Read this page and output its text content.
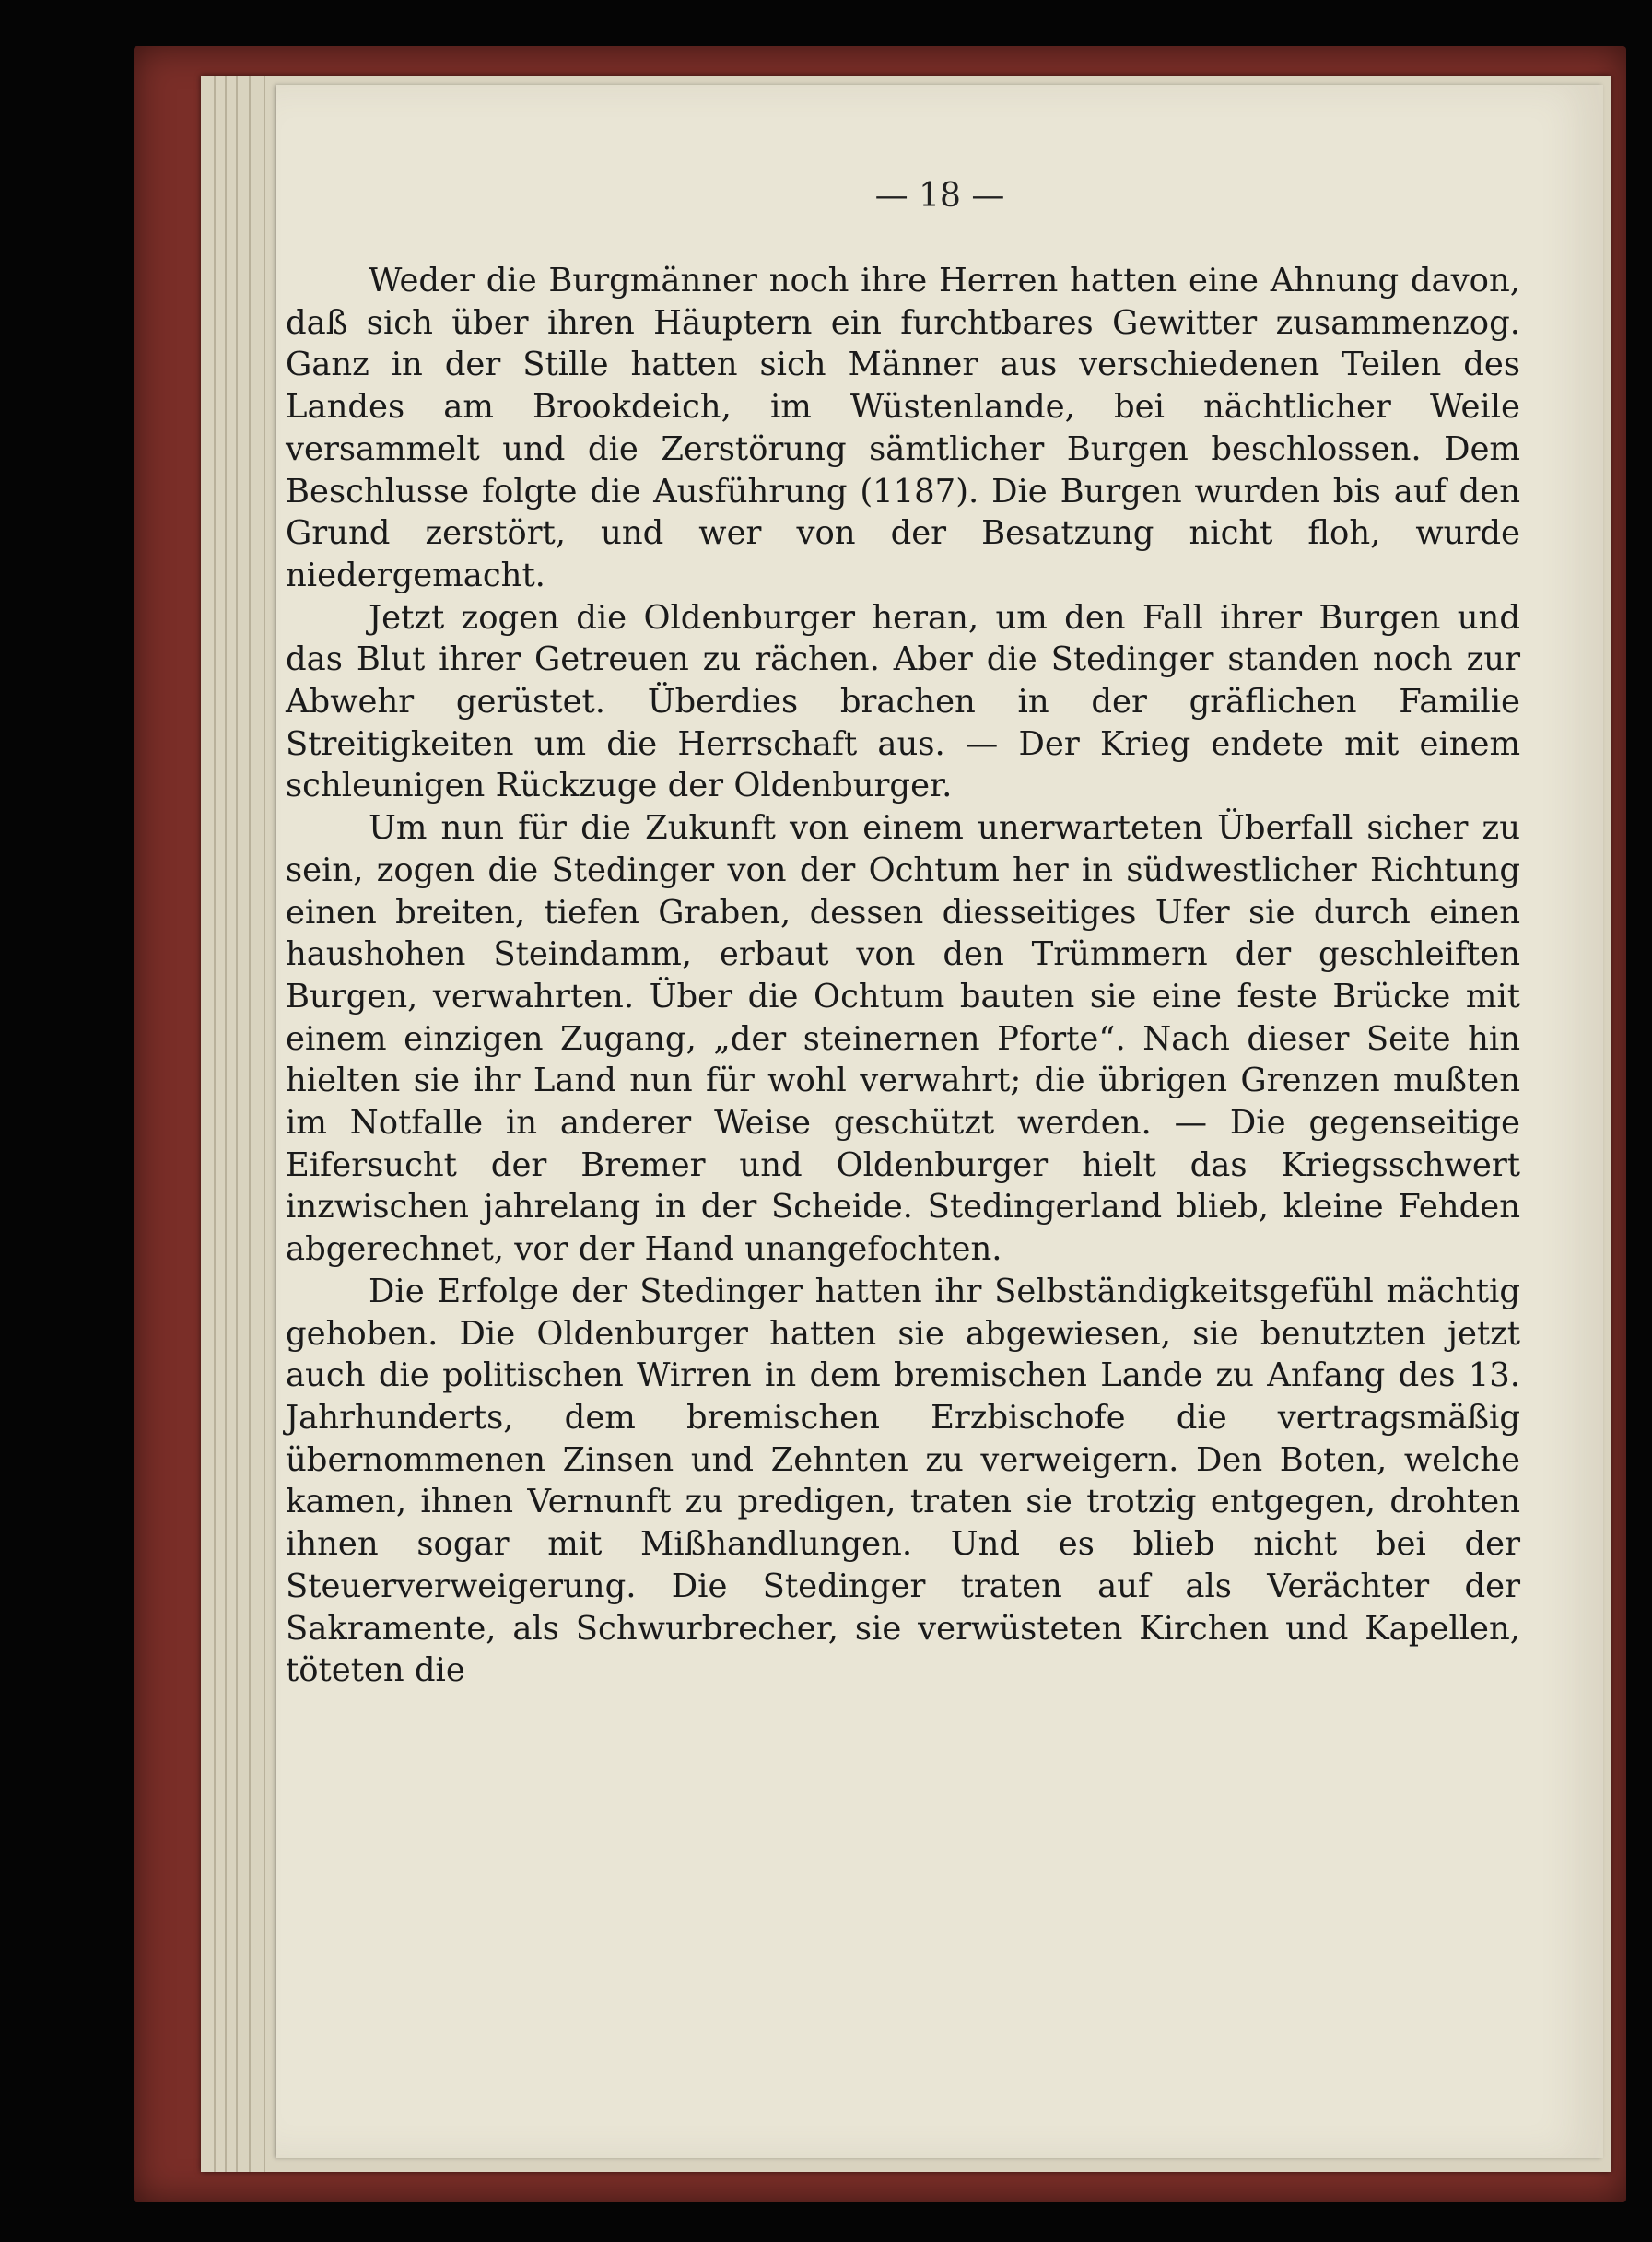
— 18 —

Weder die Burgmänner noch ihre Herren hatten eine Ahnung davon, daß sich über ihren Häuptern ein furchtbares Gewitter zusammenzog. Ganz in der Stille hatten sich Männer aus verschiedenen Teilen des Landes am Brookdeich, im Wüstenlande, bei nächtlicher Weile versammelt und die Zerstörung sämtlicher Burgen beschlossen. Dem Beschlusse folgte die Ausführung (1187). Die Burgen wurden bis auf den Grund zerstört, und wer von der Besatzung nicht floh, wurde niedergemacht.

Jetzt zogen die Oldenburger heran, um den Fall ihrer Burgen und das Blut ihrer Getreuen zu rächen. Aber die Stedinger standen noch zur Abwehr gerüstet. Überdies brachen in der gräflichen Familie Streitigkeiten um die Herrschaft aus. — Der Krieg endete mit einem schleunigen Rückzuge der Oldenburger.

Um nun für die Zukunft von einem unerwarteten Überfall sicher zu sein, zogen die Stedinger von der Ochtum her in südwestlicher Richtung einen breiten, tiefen Graben, dessen diesseitiges Ufer sie durch einen haushohen Steindamm, erbaut von den Trümmern der geschleiften Burgen, verwahrten. Über die Ochtum bauten sie eine feste Brücke mit einem einzigen Zugang, „der steinernen Pforte“. Nach dieser Seite hin hielten sie ihr Land nun für wohl verwahrt; die übrigen Grenzen mußten im Notfalle in anderer Weise geschützt werden. — Die gegenseitige Eifersucht der Bremer und Oldenburger hielt das Kriegsschwert inzwischen jahrelang in der Scheide. Stedingerland blieb, kleine Fehden abgerechnet, vor der Hand unangefochten.

Die Erfolge der Stedinger hatten ihr Selbständigkeitsgefühl mächtig gehoben. Die Oldenburger hatten sie abgewiesen, sie benutzten jetzt auch die politischen Wirren in dem bremischen Lande zu Anfang des 13. Jahrhunderts, dem bremischen Erzbischofe die vertragsmäßig übernommenen Zinsen und Zehnten zu verweigern. Den Boten, welche kamen, ihnen Vernunft zu predigen, traten sie trotzig entgegen, drohten ihnen sogar mit Mißhandlungen. Und es blieb nicht bei der Steuerverweigerung. Die Stedinger traten auf als Verächter der Sakramente, als Schwurbrecher, sie verwüsteten Kirchen und Kapellen, töteten die
